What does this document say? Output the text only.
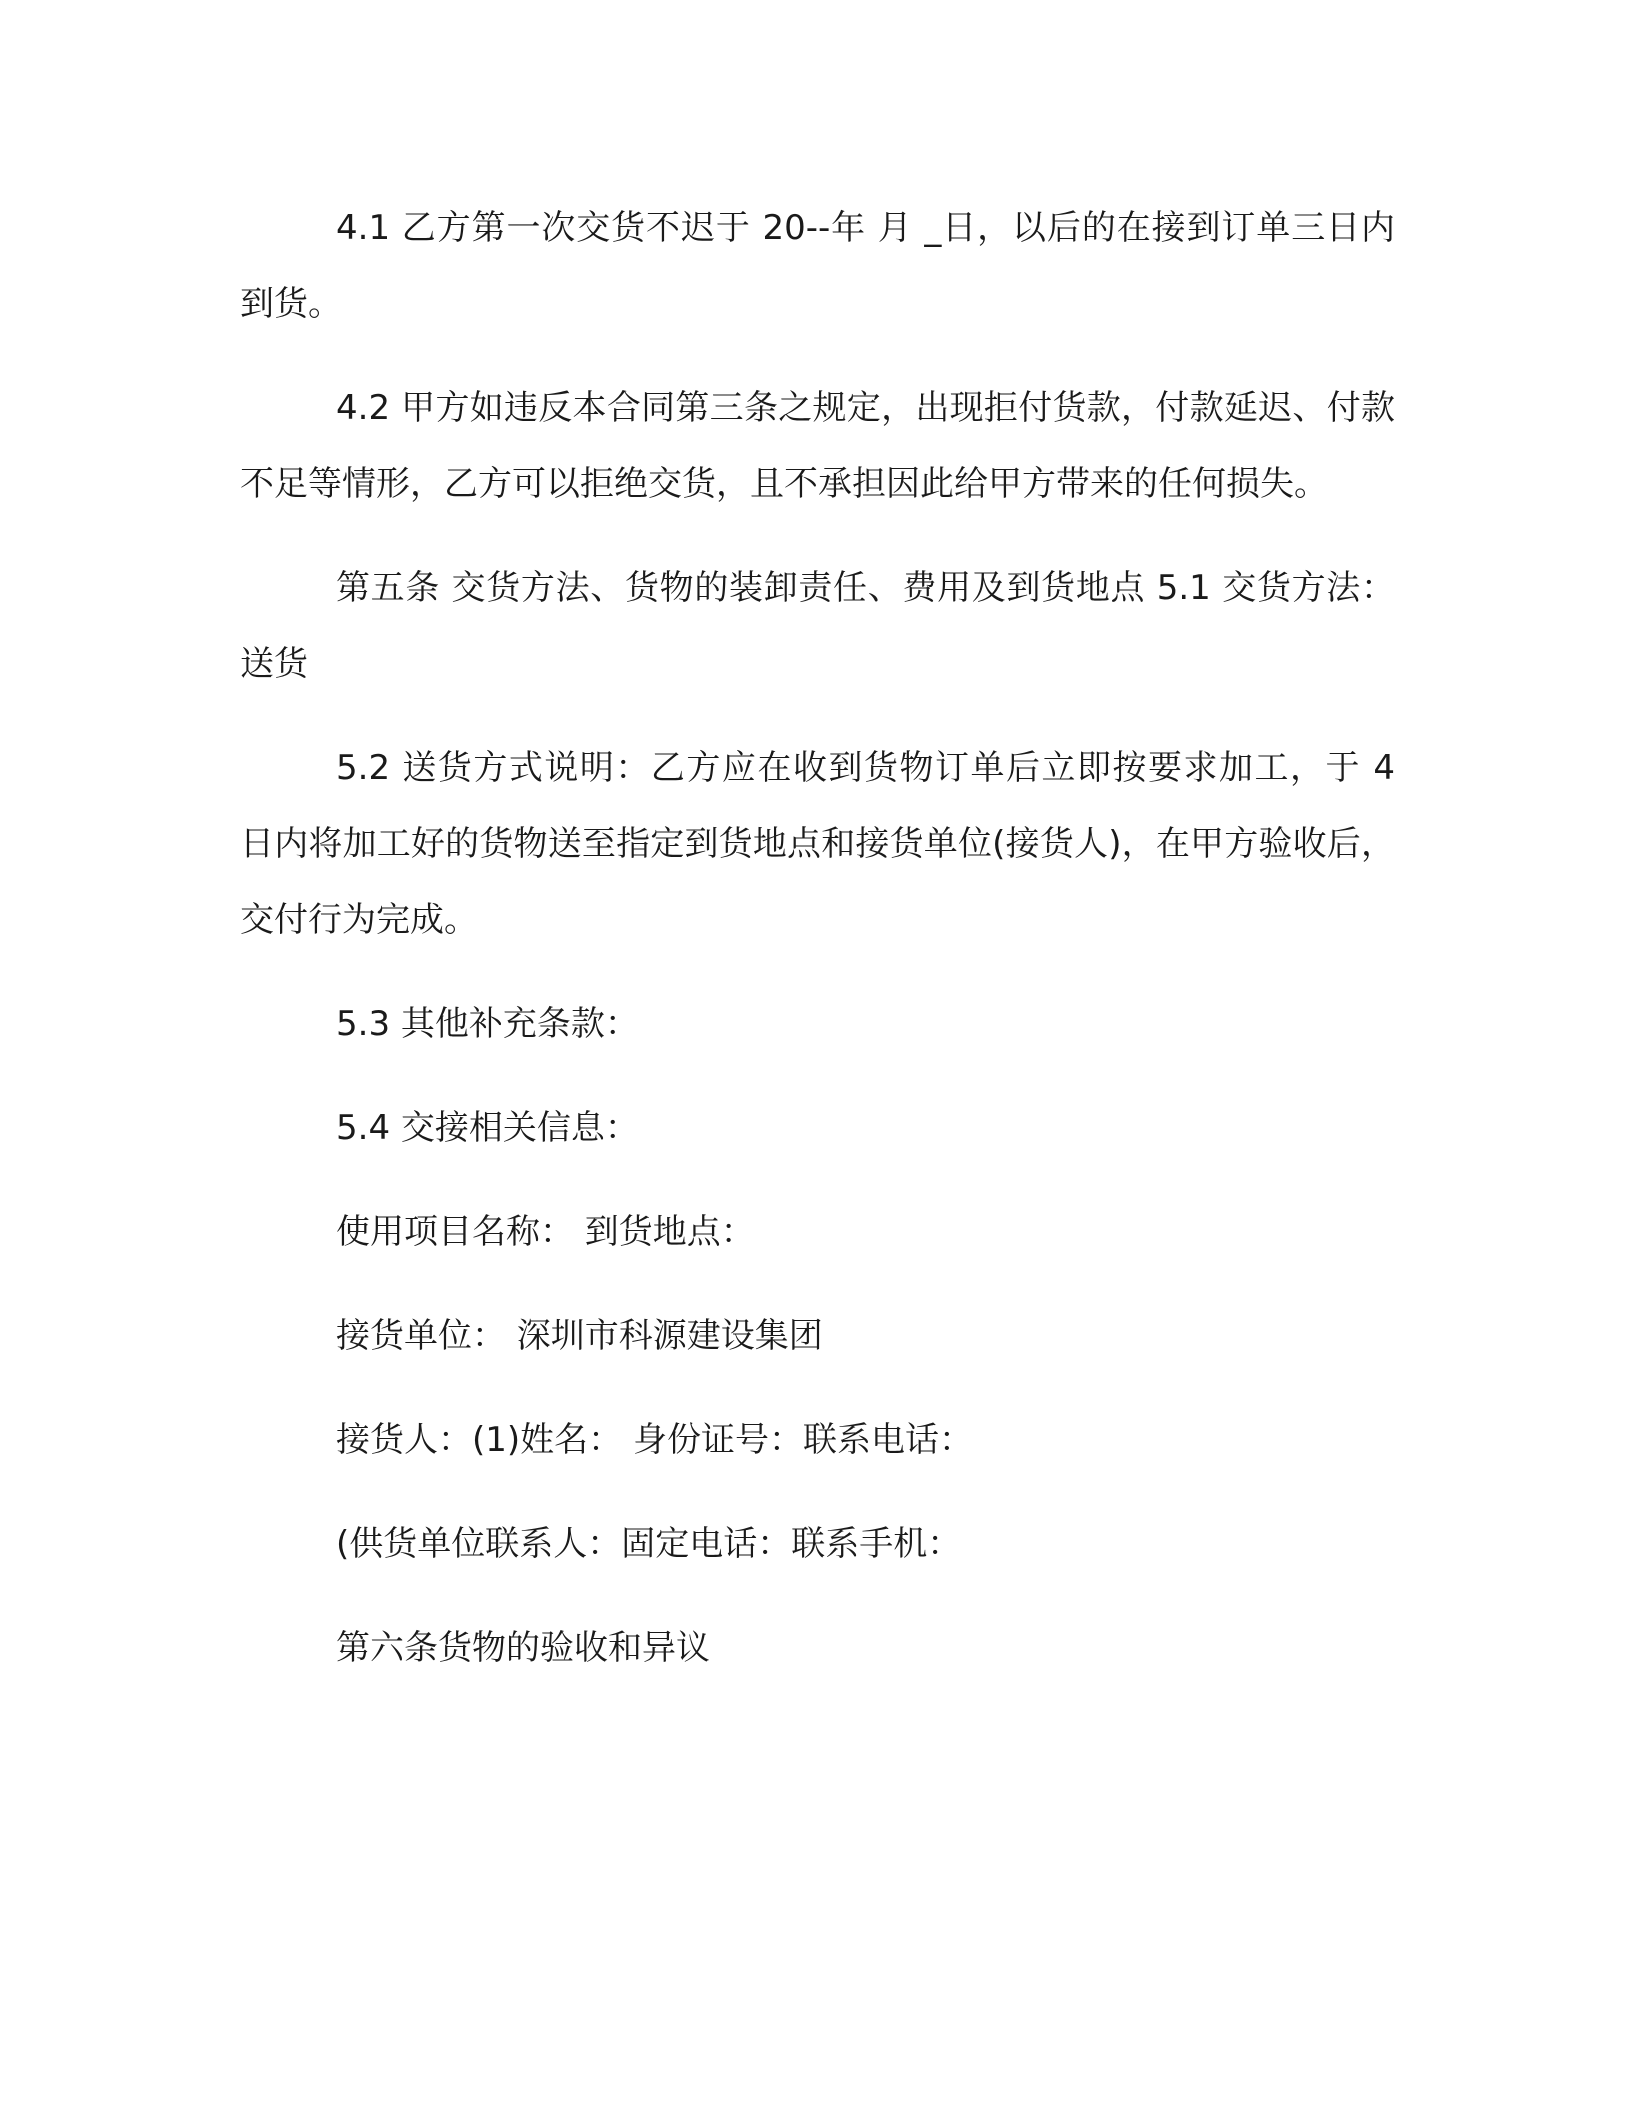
4.1 乙方第一次交货不迟于 20--年 月 _日，以后的在接到订单三日内到货。

4.2 甲方如违反本合同第三条之规定，出现拒付货款，付款延迟、付款不足等情形，乙方可以拒绝交货，且不承担因此给甲方带来的任何损失。

第五条 交货方法、货物的装卸责任、费用及到货地点 5.1 交货方法：送货

5.2 送货方式说明：乙方应在收到货物订单后立即按要求加工，于 4 日内将加工好的货物送至指定到货地点和接货单位(接货人)，在甲方验收后，交付行为完成。

5.3 其他补充条款：

5.4 交接相关信息：

使用项目名称： 到货地点：

接货单位： 深圳市科源建设集团

接货人：(1)姓名： 身份证号：联系电话：

(供货单位联系人：固定电话：联系手机：

第六条货物的验收和异议
